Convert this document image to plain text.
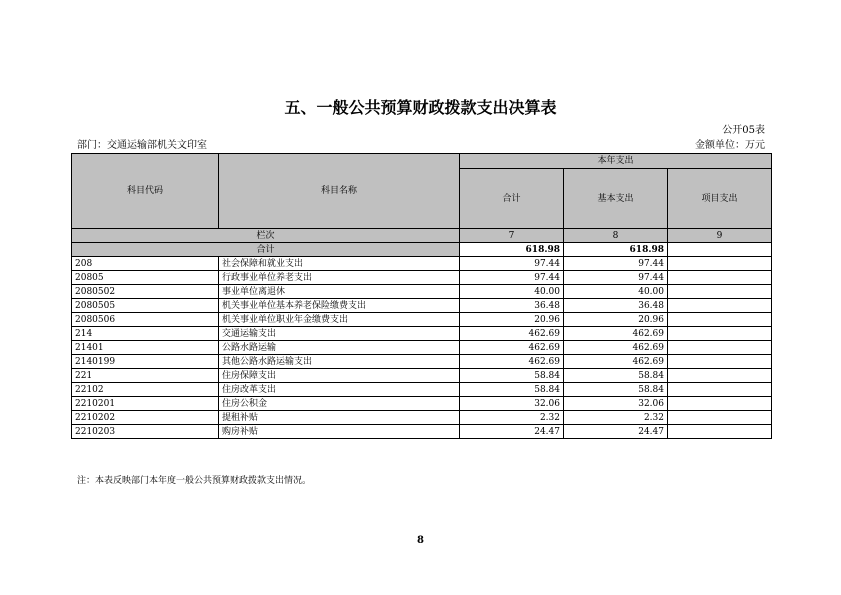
五、一般公共预算财政拨款支出决算表
公开05表
部门：交通运输部机关文印室	金额单位：万元
科目代码	科目名称	本年支出		
		合计	基本支出	项目支出
栏次		7	8	9
合计		618.98	618.98	
208	社会保障和就业支出	97.44	97.44	
20805	行政事业单位养老支出	97.44	97.44	
2080502	事业单位离退休	40.00	40.00	
2080505	机关事业单位基本养老保险缴费支出	36.48	36.48	
2080506	机关事业单位职业年金缴费支出	20.96	20.96	
214	交通运输支出	462.69	462.69	
21401	公路水路运输	462.69	462.69	
2140199	其他公路水路运输支出	462.69	462.69	
221	住房保障支出	58.84	58.84	
22102	住房改革支出	58.84	58.84	
2210201	住房公积金	32.06	32.06	
2210202	提租补贴	2.32	2.32	
2210203	购房补贴	24.47	24.47	
注：本表反映部门本年度一般公共预算财政拨款支出情况。
8
